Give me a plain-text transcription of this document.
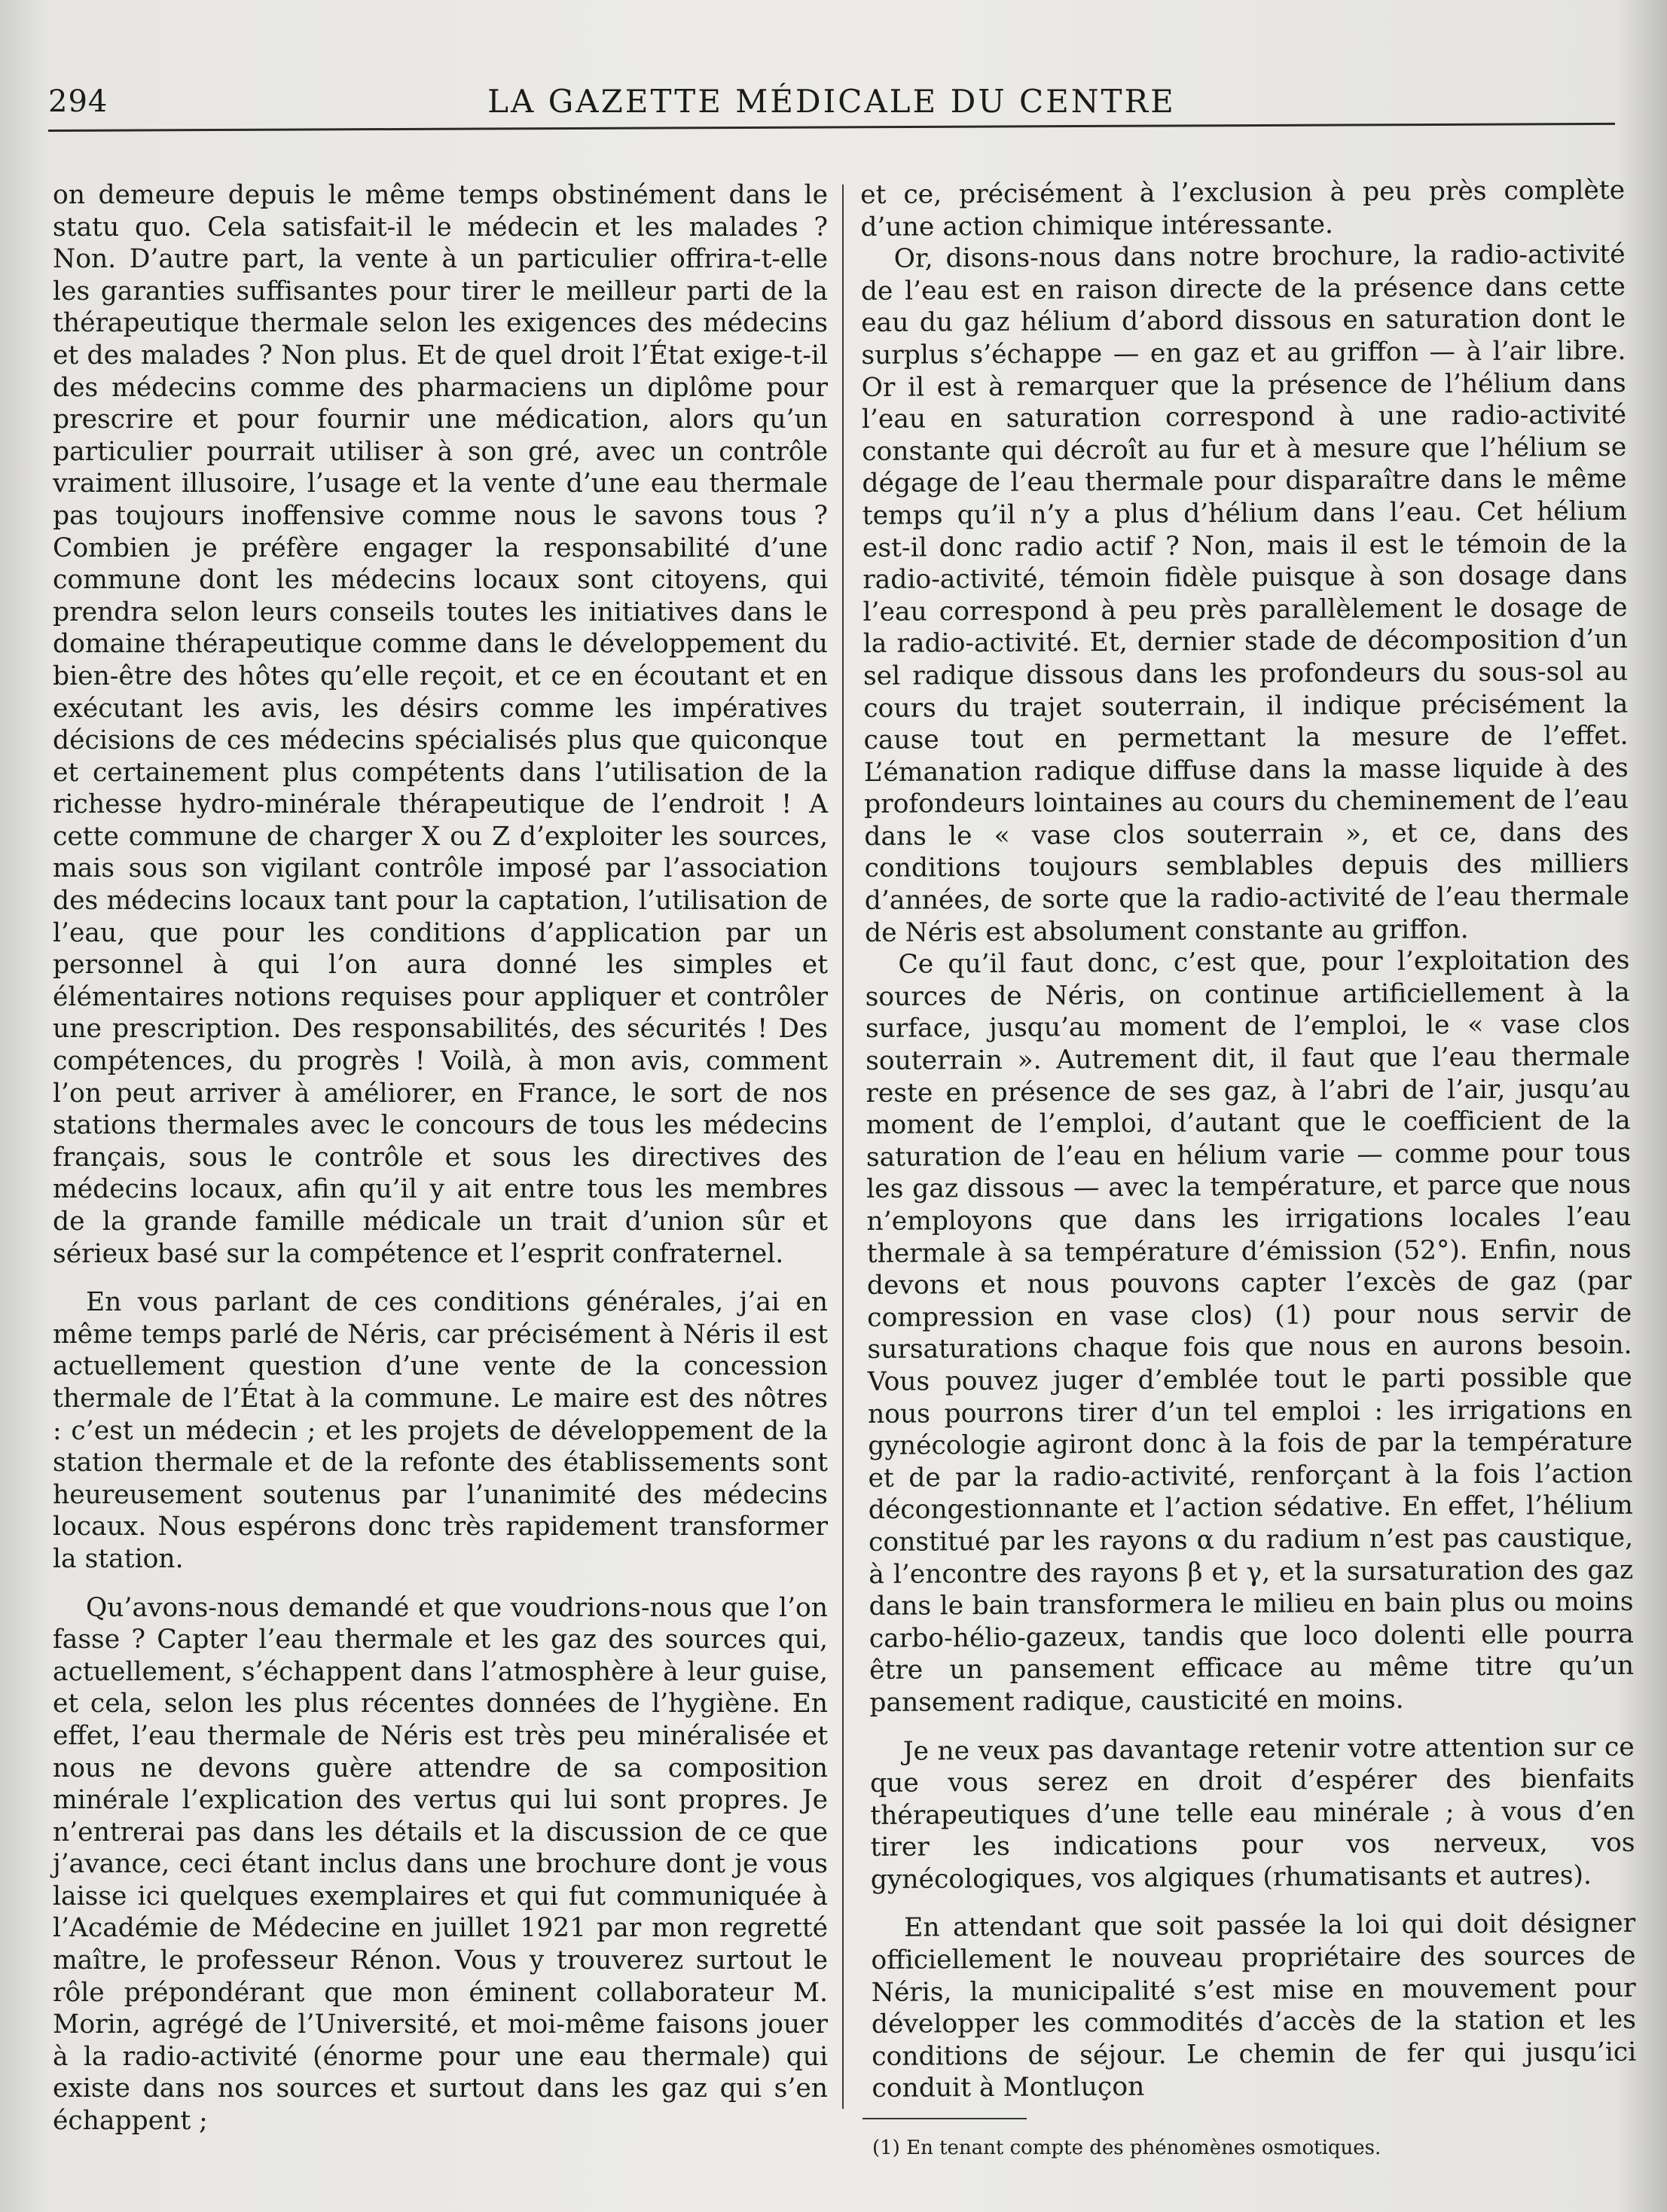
294	LA GAZETTE MÉDICALE DU CENTRE

on demeure depuis le même temps obstinément dans le statu quo. Cela satisfait-il le médecin et les malades ? Non. D’autre part, la vente à un particulier offrira-t-elle les garanties suffisantes pour tirer le meilleur parti de la thérapeutique thermale selon les exigences des médecins et des malades ? Non plus. Et de quel droit l’État exige-t-il des médecins comme des pharmaciens un diplôme pour prescrire et pour fournir une médication, alors qu’un particulier pourrait utiliser à son gré, avec un contrôle vraiment illusoire, l’usage et la vente d’une eau thermale pas toujours inoffensive comme nous le savons tous ? Combien je préfère engager la responsabilité d’une commune dont les médecins locaux sont citoyens, qui prendra selon leurs conseils toutes les initiatives dans le domaine thérapeutique comme dans le développement du bien-être des hôtes qu’elle reçoit, et ce en écoutant et en exécutant les avis, les désirs comme les impératives décisions de ces médecins spécialisés plus que quiconque et certainement plus compétents dans l’utilisation de la richesse hydro-minérale thérapeutique de l’endroit ! A cette commune de charger X ou Z d’exploiter les sources, mais sous son vigilant contrôle imposé par l’association des médecins locaux tant pour la captation, l’utilisation de l’eau, que pour les conditions d’application par un personnel à qui l’on aura donné les simples et élémentaires notions requises pour appliquer et contrôler une prescription. Des responsabilités, des sécurités ! Des compétences, du progrès ! Voilà, à mon avis, comment l’on peut arriver à améliorer, en France, le sort de nos stations thermales avec le concours de tous les médecins français, sous le contrôle et sous les directives des médecins locaux, afin qu’il y ait entre tous les membres de la grande famille médicale un trait d’union sûr et sérieux basé sur la compétence et l’esprit confraternel.

En vous parlant de ces conditions générales, j’ai en même temps parlé de Néris, car précisément à Néris il est actuellement question d’une vente de la concession thermale de l’État à la commune. Le maire est des nôtres : c’est un médecin ; et les projets de développement de la station thermale et de la refonte des établissements sont heureusement soutenus par l’unanimité des médecins locaux. Nous espérons donc très rapidement transformer la station.

Qu’avons-nous demandé et que voudrions-nous que l’on fasse ? Capter l’eau thermale et les gaz des sources qui, actuellement, s’échappent dans l’atmosphère à leur guise, et cela, selon les plus récentes données de l’hygiène. En effet, l’eau thermale de Néris est très peu minéralisée et nous ne devons guère attendre de sa composition minérale l’explication des vertus qui lui sont propres. Je n’entrerai pas dans les détails et la discussion de ce que j’avance, ceci étant inclus dans une brochure dont je vous laisse ici quelques exemplaires et qui fut communiquée à l’Académie de Médecine en juillet 1921 par mon regretté maître, le professeur Rénon. Vous y trouverez surtout le rôle prépondérant que mon éminent collaborateur M. Morin, agrégé de l’Université, et moi-même faisons jouer à la radio-activité (énorme pour une eau thermale) qui existe dans nos sources et surtout dans les gaz qui s’en échappent ;

et ce, précisément à l’exclusion à peu près complète d’une action chimique intéressante.

Or, disons-nous dans notre brochure, la radio-activité de l’eau est en raison directe de la présence dans cette eau du gaz hélium d’abord dissous en saturation dont le surplus s’échappe — en gaz et au griffon — à l’air libre. Or il est à remarquer que la présence de l’hélium dans l’eau en saturation correspond à une radio-activité constante qui décroît au fur et à mesure que l’hélium se dégage de l’eau thermale pour disparaître dans le même temps qu’il n’y a plus d’hélium dans l’eau. Cet hélium est-il donc radio actif ? Non, mais il est le témoin de la radio-activité, témoin fidèle puisque à son dosage dans l’eau correspond à peu près parallèlement le dosage de la radio-activité. Et, dernier stade de décomposition d’un sel radique dissous dans les profondeurs du sous-sol au cours du trajet souterrain, il indique précisément la cause tout en permettant la mesure de l’effet. L’émanation radique diffuse dans la masse liquide à des profondeurs lointaines au cours du cheminement de l’eau dans le « vase clos souterrain », et ce, dans des conditions toujours semblables depuis des milliers d’années, de sorte que la radio-activité de l’eau thermale de Néris est absolument constante au griffon.

Ce qu’il faut donc, c’est que, pour l’exploitation des sources de Néris, on continue artificiellement à la surface, jusqu’au moment de l’emploi, le « vase clos souterrain ». Autrement dit, il faut que l’eau thermale reste en présence de ses gaz, à l’abri de l’air, jusqu’au moment de l’emploi, d’autant que le coefficient de la saturation de l’eau en hélium varie — comme pour tous les gaz dissous — avec la température, et parce que nous n’employons que dans les irrigations locales l’eau thermale à sa température d’émission (52°). Enfin, nous devons et nous pouvons capter l’excès de gaz (par compression en vase clos) (1) pour nous servir de sursaturations chaque fois que nous en aurons besoin. Vous pouvez juger d’emblée tout le parti possible que nous pourrons tirer d’un tel emploi : les irrigations en gynécologie agiront donc à la fois de par la température et de par la radio-activité, renforçant à la fois l’action décongestionnante et l’action sédative. En effet, l’hélium constitué par les rayons α du radium n’est pas caustique, à l’encontre des rayons β et γ, et la sursaturation des gaz dans le bain transformera le milieu en bain plus ou moins carbo-hélio-gazeux, tandis que loco dolenti elle pourra être un pansement efficace au même titre qu’un pansement radique, causticité en moins.

Je ne veux pas davantage retenir votre attention sur ce que vous serez en droit d’espérer des bienfaits thérapeutiques d’une telle eau minérale ; à vous d’en tirer les indications pour vos nerveux, vos gynécologiques, vos algiques (rhumatisants et autres).

En attendant que soit passée la loi qui doit désigner officiellement le nouveau propriétaire des sources de Néris, la municipalité s’est mise en mouvement pour développer les commodités d’accès de la station et les conditions de séjour. Le chemin de fer qui jusqu’ici conduit à Montluçon

(1) En tenant compte des phénomènes osmotiques.
